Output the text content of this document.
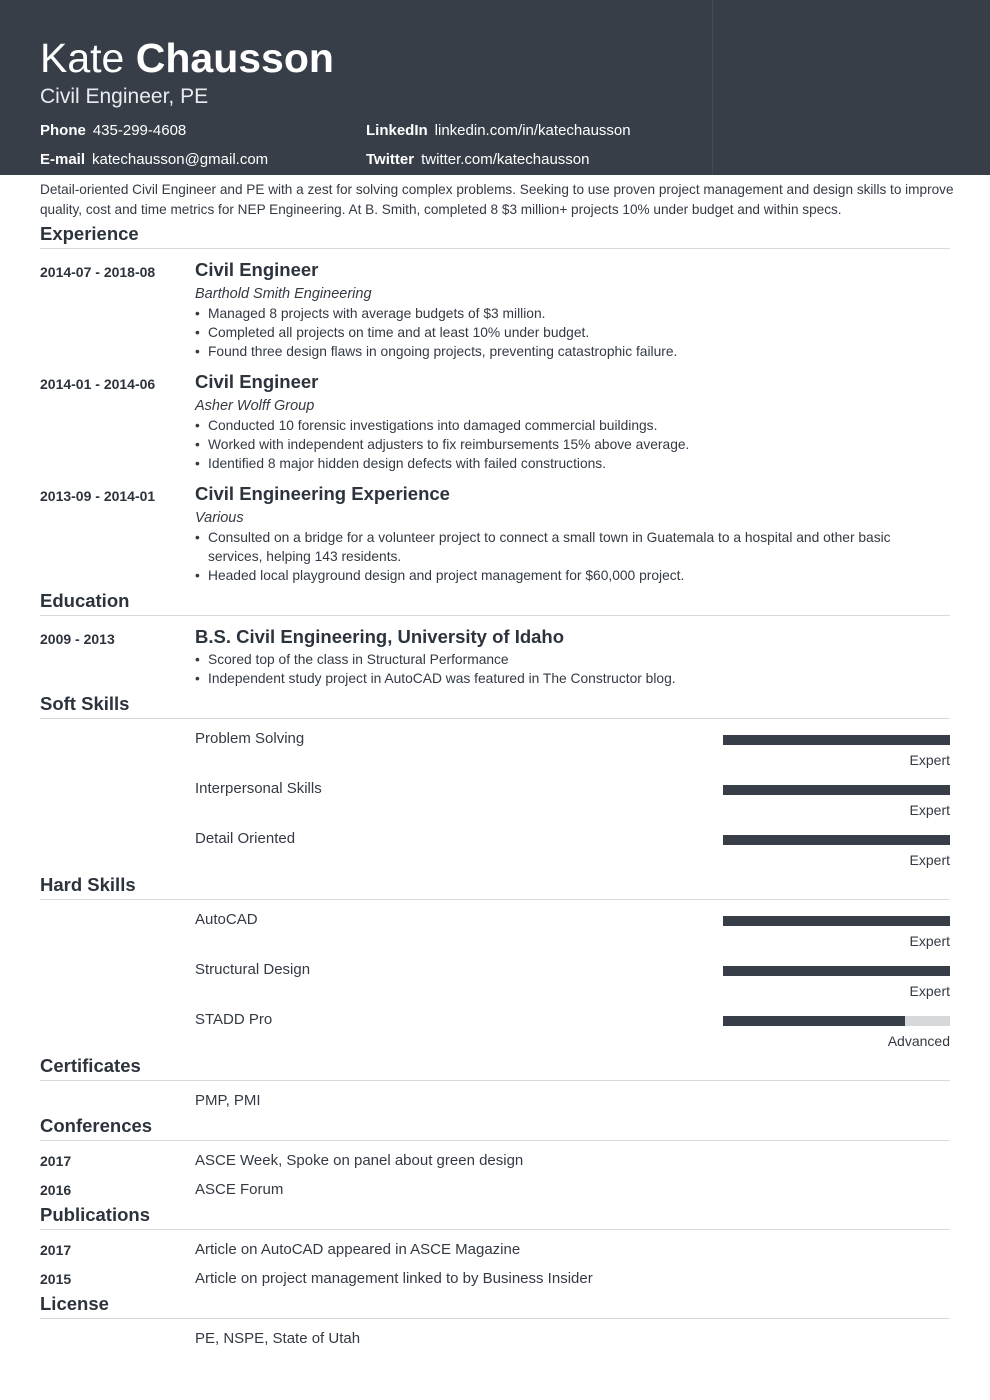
Kate Chausson
Civil Engineer, PE
Phone 435-299-4608	LinkedIn linkedin.com/in/katechausson
E-mail katechausson@gmail.com	Twitter twitter.com/katechausson
Detail-oriented Civil Engineer and PE with a zest for solving complex problems. Seeking to use proven project management and design skills to improve quality, cost and time metrics for NEP Engineering. At B. Smith, completed 8 $3 million+ projects 10% under budget and within specs.
Experience
2014-07 - 2018-08 Civil Engineer
Barthold Smith Engineering
• Managed 8 projects with average budgets of $3 million.
• Completed all projects on time and at least 10% under budget.
• Found three design flaws in ongoing projects, preventing catastrophic failure.
2014-01 - 2014-06 Civil Engineer
Asher Wolff Group
• Conducted 10 forensic investigations into damaged commercial buildings.
• Worked with independent adjusters to fix reimbursements 15% above average.
• Identified 8 major hidden design defects with failed constructions.
2013-09 - 2014-01 Civil Engineering Experience
Various
• Consulted on a bridge for a volunteer project to connect a small town in Guatemala to a hospital and other basic services, helping 143 residents.
• Headed local playground design and project management for $60,000 project.
Education
2009 - 2013	B.S. Civil Engineering, University of Idaho
• Scored top of the class in Structural Performance
• Independent study project in AutoCAD was featured in The Constructor blog.
Soft Skills
Problem Solving
Expert
Interpersonal Skills
Expert
Detail Oriented
Expert
Hard Skills
AutoCAD
Expert
Structural Design
Expert
STADD Pro
Advanced
Certificates
PMP, PMI
Conferences
2017	ASCE Week, Spoke on panel about green design
2016	ASCE Forum
Publications
2017	Article on AutoCAD appeared in ASCE Magazine
2015	Article on project management linked to by Business Insider
License
PE, NSPE, State of Utah
